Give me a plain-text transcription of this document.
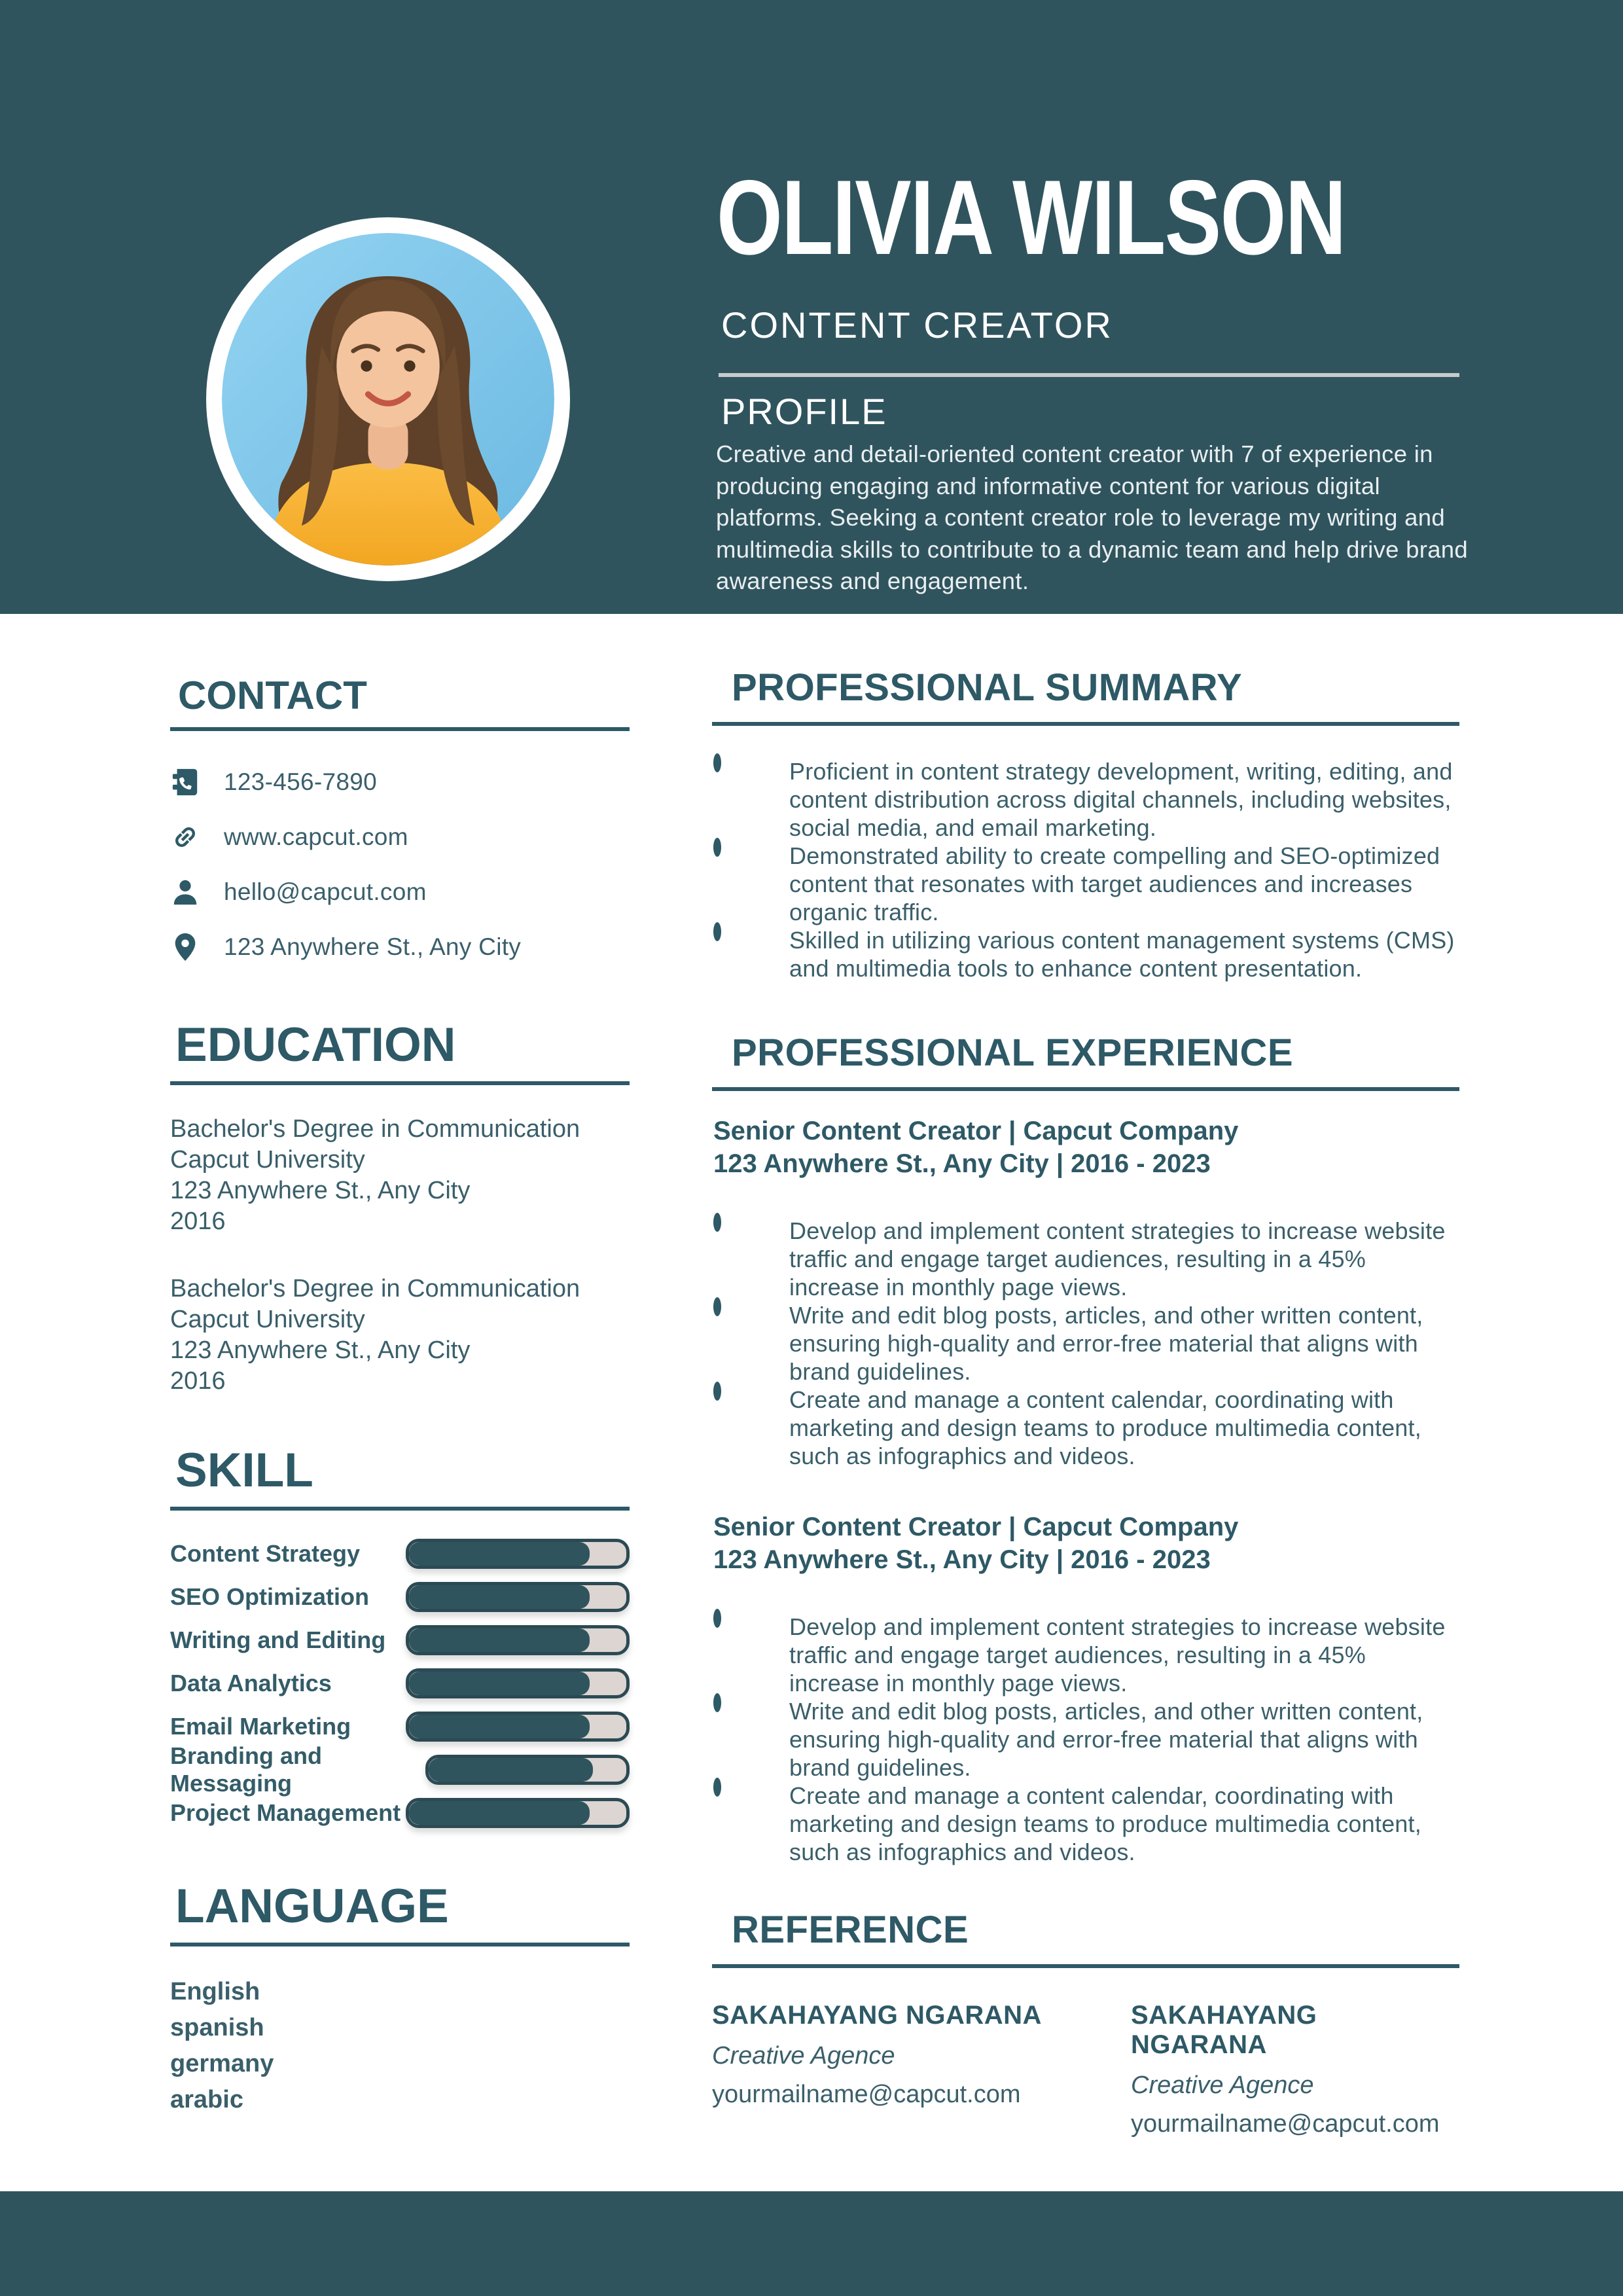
OLIVIA WILSON
CONTENT CREATOR
PROFILE
Creative and detail-oriented content creator with 7 of experience in producing engaging and informative content for various digital platforms. Seeking a content creator role to leverage my writing and multimedia skills to contribute to a dynamic team and help drive brand awareness and engagement.
CONTACT
123-456-7890
www.capcut.com
hello@capcut.com
123 Anywhere St., Any City
EDUCATION
Bachelor's Degree in Communication
Capcut University
123 Anywhere St., Any City
2016
Bachelor's Degree in Communication
Capcut University
123 Anywhere St., Any City
2016
SKILL
Content Strategy
SEO Optimization
Writing and Editing
Data Analytics
Email Marketing
Branding and Messaging
Project Management
LANGUAGE
English
spanish
germany
arabic
PROFESSIONAL SUMMARY
Proficient in content strategy development, writing, editing, and content distribution across digital channels, including websites, social media, and email marketing.
Demonstrated ability to create compelling and SEO-optimized content that resonates with target audiences and increases organic traffic.
Skilled in utilizing various content management systems (CMS) and multimedia tools to enhance content presentation.
PROFESSIONAL EXPERIENCE
Senior Content Creator | Capcut Company
123 Anywhere St., Any City | 2016 - 2023
Develop and implement content strategies to increase website traffic and engage target audiences, resulting in a 45% increase in monthly page views.
Write and edit blog posts, articles, and other written content, ensuring high-quality and error-free material that aligns with brand guidelines.
Create and manage a content calendar, coordinating with marketing and design teams to produce multimedia content, such as infographics and videos.
Senior Content Creator | Capcut Company
123 Anywhere St., Any City | 2016 - 2023
Develop and implement content strategies to increase website traffic and engage target audiences, resulting in a 45% increase in monthly page views.
Write and edit blog posts, articles, and other written content, ensuring high-quality and error-free material that aligns with brand guidelines.
Create and manage a content calendar, coordinating with marketing and design teams to produce multimedia content, such as infographics and videos.
REFERENCE
SAKAHAYANG NGARANA
Creative Agence
yourmailname@capcut.com
SAKAHAYANG NGARANA
Creative Agence
yourmailname@capcut.com
